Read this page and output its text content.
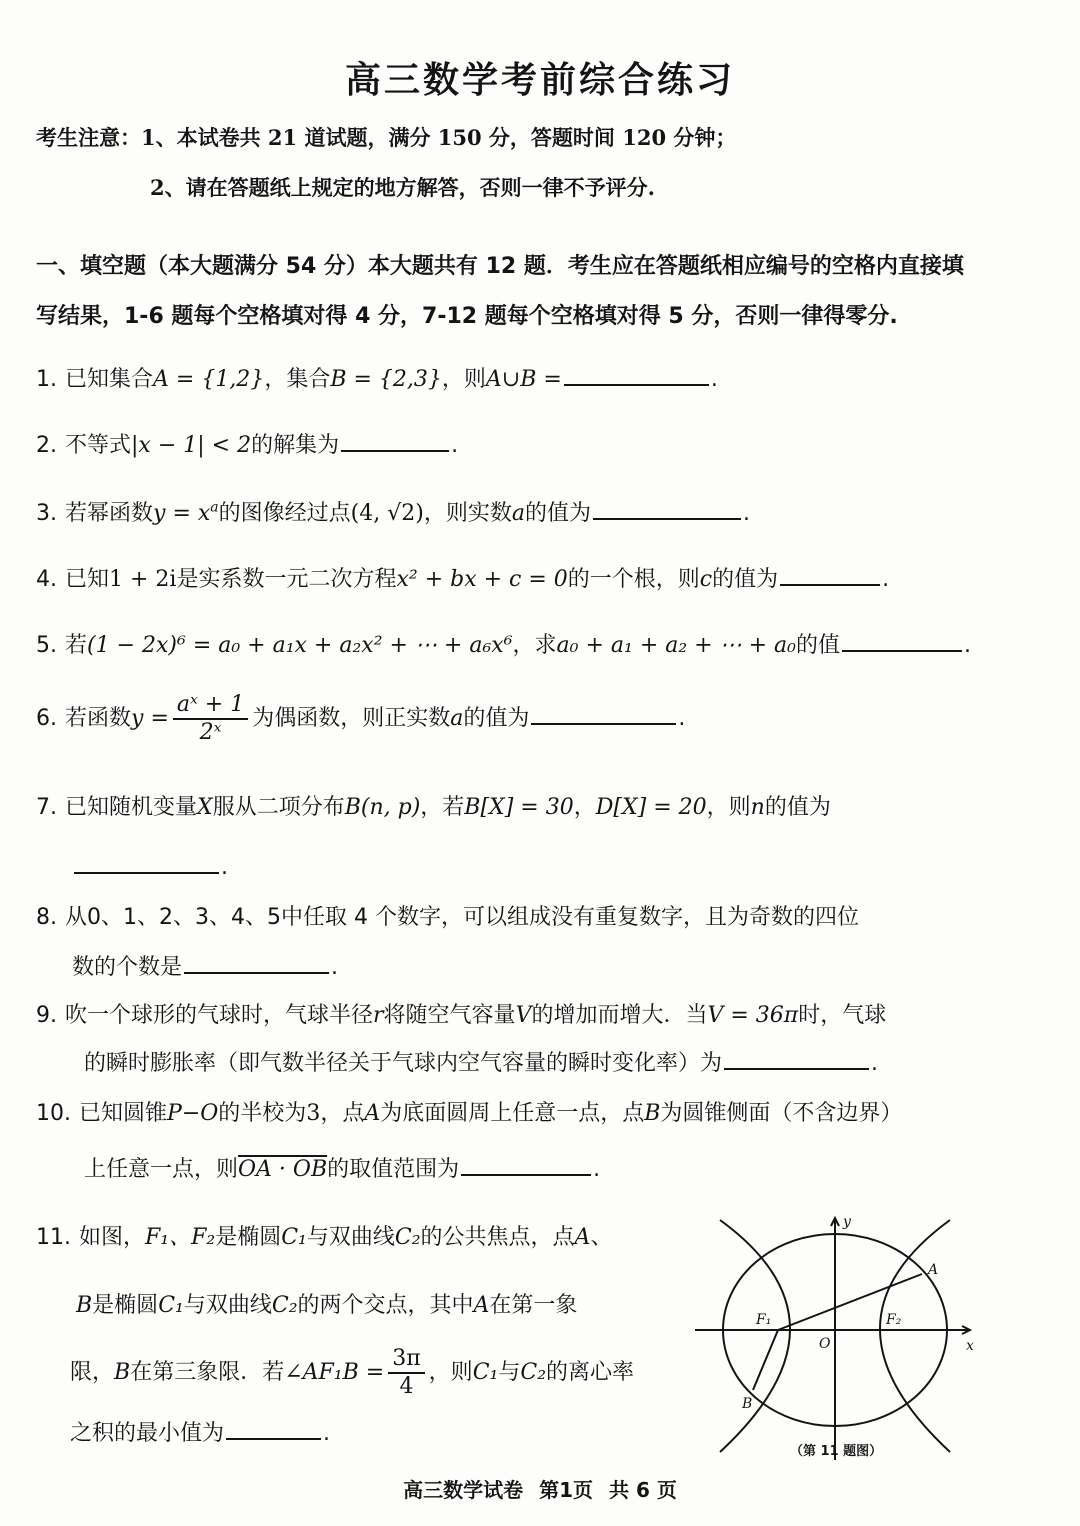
高三数学考前综合练习
考生注意：1、本试卷共 21 道试题，满分 150 分，答题时间 120 分钟；
2、请在答题纸上规定的地方解答，否则一律不予评分.
一、填空题（本大题满分 54 分）本大题共有 12 题．考生应在答题纸相应编号的空格内直接填
写结果，1-6 题每个空格填对得 4 分，7-12 题每个空格填对得 5 分，否则一律得零分.
1. 已知集合A = {1,2}，集合B = {2,3}，则A∪B =	.
2. 不等式|x − 1| < 2的解集为	.
3. 若幂函数$y = x^a$的图像经过点(4, √2)，则实数a的值为	.
4. 已知1 + 2i是实系数一元二次方程x² + bx + c = 0的一个根，则c的值为	.
5. 若(1 − 2x)⁶ = a₀ + a₁x + a₂x² + ⋯ + a₆x⁶，求a₀ + a₁ + a₂ + ⋯ + a₀的值	.
6. 若函数$y = \frac{\text{aˣ + 1}}{\text{2ˣ}}$ 为偶函数，则正实数a的值为	.
7. 已知随机变量X服从二项分布B(n, p)，若B[X] = 30，D[X] = 20，则n的值为
.
8. 从0、1、2、3、4、5中任取 4 个数字，可以组成没有重复数字，且为奇数的四位
数的个数是	.
9. 吹一个球形的气球时，气球半径r将随空气容量V的增加而增大．当V = 36π时，气球
的瞬时膨胀率（即气数半径关于气球内空气容量的瞬时变化率）为	.
10. 已知圆锥P−O的半校为3，点A为底面圆周上任意一点，点B为圆锥侧面（不含边界）
上任意一点，则OA · OB的取值范围为	.
11. 如图，F₁、F₂是椭圆C₁与双曲线C₂的公共焦点，点A、
B是椭圆C₁与双曲线C₂的两个交点，其中A在第一象
限，B在第三象限．若∠AF₁B = $\frac{3\pi}{4}$ ，则C₁与C₂的离心率
之积的最小值为	.
y
x
O
A
B
F₁	F₂
（第 11 题图）
高三数学试卷 第1页 共 6 页
